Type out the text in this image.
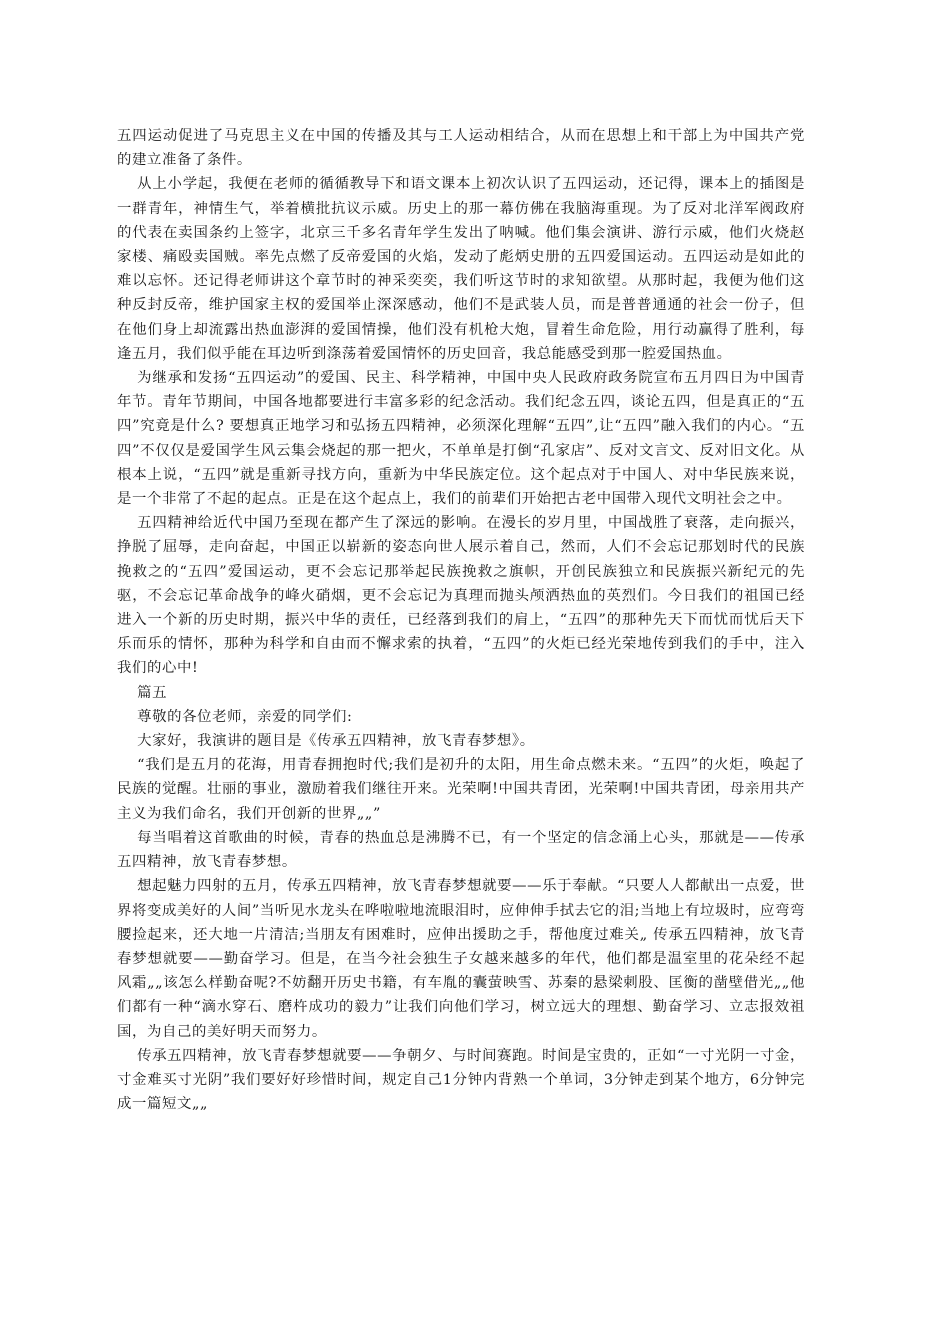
五四运动促进了马克思主义在中国的传播及其与工人运动相结合，从而在思想上和干部上为中国共产党的建立准备了条件。

从上小学起，我便在老师的循循教导下和语文课本上初次认识了五四运动，还记得，课本上的插图是一群青年，神情生气，举着横批抗议示威。历史上的那一幕仿佛在我脑海重现。为了反对北洋军阀政府的代表在卖国条约上签字，北京三千多名青年学生发出了呐喊。他们集会演讲、游行示威，他们火烧赵家楼、痛殴卖国贼。率先点燃了反帝爱国的火焰，发动了彪炳史册的五四爱国运动。五四运动是如此的难以忘怀。还记得老师讲这个章节时的神采奕奕，我们听这节时的求知欲望。从那时起，我便为他们这种反封反帝，维护国家主权的爱国举止深深感动，他们不是武装人员，而是普普通通的社会一份子，但在他们身上却流露出热血澎湃的爱国情操，他们没有机枪大炮，冒着生命危险，用行动赢得了胜利，每逢五月，我们似乎能在耳边听到涤荡着爱国情怀的历史回音，我总能感受到那一腔爱国热血。

为继承和发扬“五四运动”的爱国、民主、科学精神，中国中央人民政府政务院宣布五月四日为中国青年节。青年节期间，中国各地都要进行丰富多彩的纪念活动。我们纪念五四，谈论五四，但是真正的“五四”究竟是什么? 要想真正地学习和弘扬五四精神，必须深化理解“五四”,让“五四”融入我们的内心。“五四”不仅仅是爱国学生风云集会烧起的那一把火，不单单是打倒“孔家店”、反对文言文、反对旧文化。从根本上说，“五四”就是重新寻找方向，重新为中华民族定位。这个起点对于中国人、对中华民族来说，是一个非常了不起的起点。正是在这个起点上，我们的前辈们开始把古老中国带入现代文明社会之中。

五四精神给近代中国乃至现在都产生了深远的影响。在漫长的岁月里，中国战胜了衰落，走向振兴，挣脱了屈辱，走向奋起，中国正以崭新的姿态向世人展示着自己，然而，人们不会忘记那划时代的民族挽救之的“五四”爱国运动，更不会忘记那举起民族挽救之旗帜，开创民族独立和民族振兴新纪元的先驱，不会忘记革命战争的峰火硝烟，更不会忘记为真理而抛头颅洒热血的英烈们。今日我们的祖国已经进入一个新的历史时期，振兴中华的责任，已经落到我们的肩上，“五四”的那种先天下而忧而忧后天下乐而乐的情怀，那种为科学和自由而不懈求索的执着，“五四”的火炬已经光荣地传到我们的手中，注入我们的心中!

篇五

尊敬的各位老师，亲爱的同学们:

大家好，我演讲的题目是《传承五四精神，放飞青春梦想》。

“我们是五月的花海，用青春拥抱时代;我们是初升的太阳，用生命点燃未来。“五四”的火炬，唤起了民族的觉醒。壮丽的事业，激励着我们继往开来。光荣啊!中国共青团，光荣啊!中国共青团，母亲用共产主义为我们命名，我们开创新的世界„„”

每当唱着这首歌曲的时候，青春的热血总是沸腾不已，有一个坚定的信念涌上心头，那就是——传承五四精神，放飞青春梦想。

想起魅力四射的五月，传承五四精神，放飞青春梦想就要——乐于奉献。“只要人人都献出一点爱，世界将变成美好的人间”当听见水龙头在哗啦啦地流眼泪时，应伸伸手拭去它的泪;当地上有垃圾时，应弯弯腰捡起来，还大地一片清洁;当朋友有困难时，应伸出援助之手，帮他度过难关„ 传承五四精神，放飞青春梦想就要——勤奋学习。但是，在当今社会独生子女越来越多的年代，他们都是温室里的花朵经不起风霜„„该怎么样勤奋呢?不妨翻开历史书籍，有车胤的囊萤映雪、苏秦的悬梁刺股、匡衡的凿壁借光„„他们都有一种“滴水穿石、磨杵成功的毅力”让我们向他们学习，树立远大的理想、勤奋学习、立志报效祖国，为自己的美好明天而努力。

传承五四精神，放飞青春梦想就要——争朝夕、与时间赛跑。时间是宝贵的，正如“一寸光阴一寸金，寸金难买寸光阴”我们要好好珍惜时间，规定自己1分钟内背熟一个单词，3分钟走到某个地方，6分钟完成一篇短文„„
